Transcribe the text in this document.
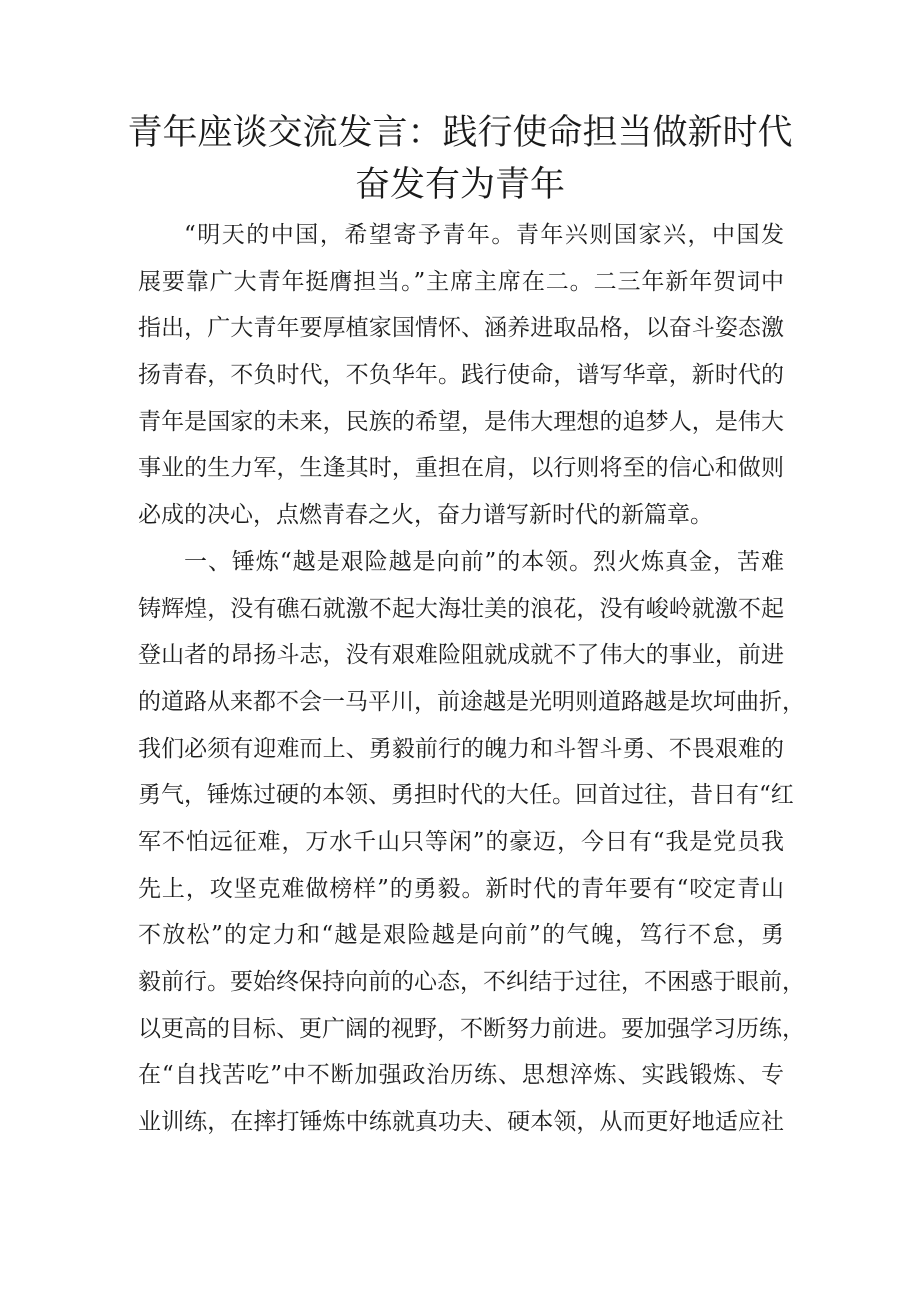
青年座谈交流发言：践行使命担当做新时代
奋发有为青年
“明天的中国，希望寄予青年。青年兴则国家兴，中国发
展要靠广大青年挺膺担当。”主席主席在二。二三年新年贺词中
指出，广大青年要厚植家国情怀、涵养进取品格，以奋斗姿态激
扬青春，不负时代，不负华年。践行使命，谱写华章，新时代的
青年是国家的未来，民族的希望，是伟大理想的追梦人，是伟大
事业的生力军，生逢其时，重担在肩，以行则将至的信心和做则
必成的决心，点燃青春之火，奋力谱写新时代的新篇章。
一、锤炼“越是艰险越是向前”的本领。烈火炼真金，苦难
铸辉煌，没有礁石就激不起大海壮美的浪花，没有峻岭就激不起
登山者的昂扬斗志，没有艰难险阻就成就不了伟大的事业，前进
的道路从来都不会一马平川，前途越是光明则道路越是坎坷曲折，
我们必须有迎难而上、勇毅前行的魄力和斗智斗勇、不畏艰难的
勇气，锤炼过硬的本领、勇担时代的大任。回首过往，昔日有“红
军不怕远征难，万水千山只等闲”的豪迈，今日有“我是党员我
先上，攻坚克难做榜样”的勇毅。新时代的青年要有“咬定青山
不放松”的定力和“越是艰险越是向前”的气魄，笃行不怠，勇
毅前行。要始终保持向前的心态，不纠结于过往，不困惑于眼前，
以更高的目标、更广阔的视野，不断努力前进。要加强学习历练，
在“自找苦吃”中不断加强政治历练、思想淬炼、实践锻炼、专
业训练，在摔打锤炼中练就真功夫、硬本领，从而更好地适应社
